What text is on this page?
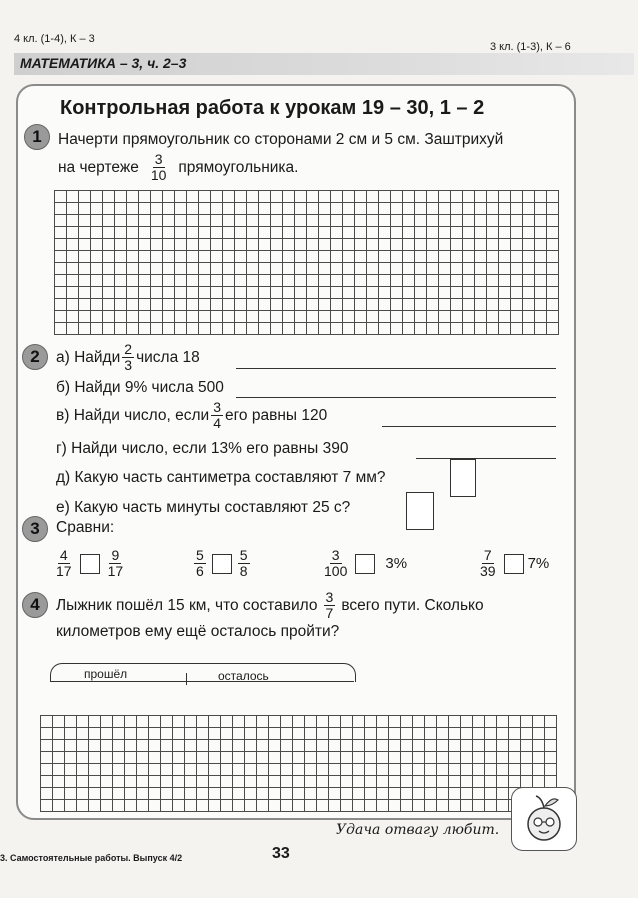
4 кл. (1-4), К – 3
3 кл. (1-3), К – 6
МАТЕМАТИКА – 3, ч. 2–3
Контрольная работа к урокам 19 – 30, 1 – 2
1	Начерти прямоугольник со сторонами 2 см и 5 см. Заштрихуй
на чертеже $\frac{3}{10}$ прямоугольника.
2	а) Найди $\frac{2}{3}$ числа 18
б) Найди 9% числа 500
в) Найди число, если $\frac{3}{4}$ его равны 120
г) Найди число, если 13% его равны 390
д) Какую часть сантиметра составляют 7 мм?
е) Какую часть минуты составляют 25 с?
3	Сравни:
$\frac{4}{17} \frac{9}{17}$	$\frac{5}{6} \frac{5}{8}$	$\frac{3}{100} 3\%$	$\frac{7}{39} 7\%$
4	Лыжник пошёл 15 км, что составило $\frac{3}{7}$ всего пути. Сколько
километров ему ещё осталось пройти?
прошёл	осталось
Удача отвагу любит.
3. Самостоятельные работы. Выпуск 4/2	33
